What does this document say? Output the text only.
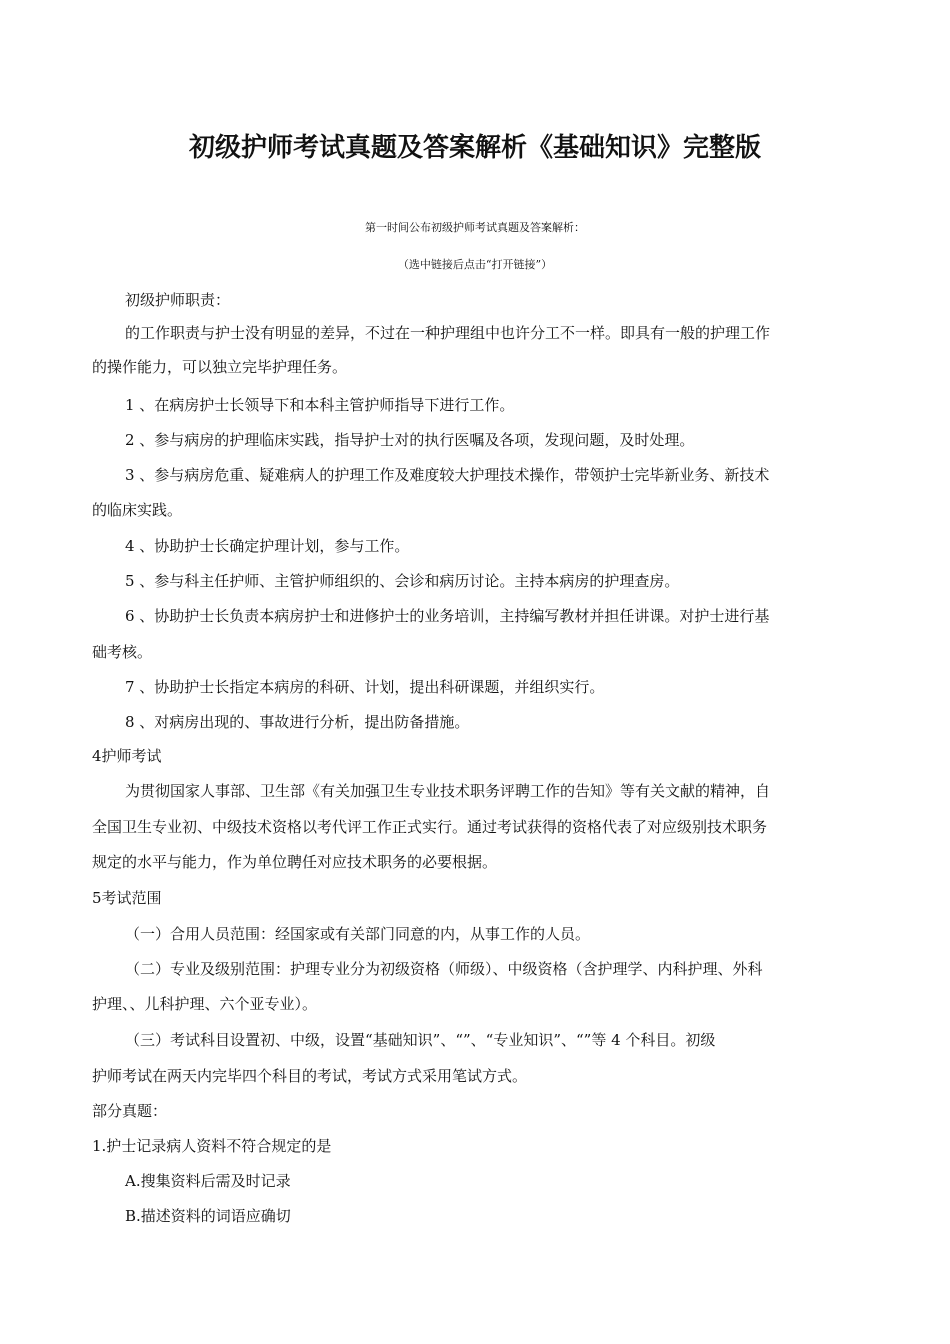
初级护师考试真题及答案解析《基础知识》完整版
第一时间公布初级护师考试真题及答案解析：
（选中链接后点击“打开链接”）
初级护师职责：
的工作职责与护士没有明显的差异，不过在一种护理组中也许分工不一样。即具有一般的护理工作
的操作能力，可以独立完毕护理任务。
1 、在病房护士长领导下和本科主管护师指导下进行工作。
2 、参与病房的护理临床实践，指导护士对的执行医嘱及各项，发现问题，及时处理。
3 、参与病房危重、疑难病人的护理工作及难度较大护理技术操作，带领护士完毕新业务、新技术
的临床实践。
4 、协助护士长确定护理计划，参与工作。
5 、参与科主任护师、主管护师组织的、会诊和病历讨论。主持本病房的护理查房。
6 、协助护士长负责本病房护士和进修护士的业务培训，主持编写教材并担任讲课。对护士进行基
础考核。
7 、协助护士长指定本病房的科研、计划，提出科研课题，并组织实行。
8 、对病房出现的、事故进行分析，提出防备措施。
4护师考试
为贯彻国家人事部、卫生部《有关加强卫生专业技术职务评聘工作的告知》等有关文献的精神，自
全国卫生专业初、中级技术资格以考代评工作正式实行。通过考试获得的资格代表了对应级别技术职务
规定的水平与能力，作为单位聘任对应技术职务的必要根据。
5考试范围
（一）合用人员范围：经国家或有关部门同意的内，从事工作的人员。
（二）专业及级别范围：护理专业分为初级资格（师级）、中级资格（含护理学、内科护理、外科
护理、、儿科护理、六个亚专业）。
（三）考试科目设置初、中级，设置“基础知识”、“”、“专业知识”、“”等 4 个科目。初级
护师考试在两天内完毕四个科目的考试，考试方式采用笔试方式。
部分真题：
1.护士记录病人资料不符合规定的是
A.搜集资料后需及时记录
B.描述资料的词语应确切
